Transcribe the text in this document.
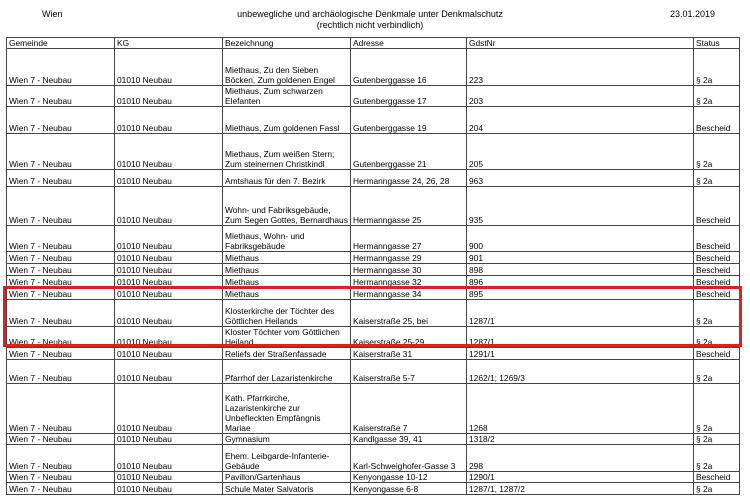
Wien	unbewegliche und archäologische Denkmale unter Denkmalschutz
(rechtlich nicht verbindlich)
23.01.2019
Gemeinde	KG	Bezeichnung	Adresse	GdstNr	Status
Wien 7 - Neubau	01010 Neubau	Miethaus, Zu den Sieben Böcken, Zum goldenen Engel	Gutenberggasse 16	223	§ 2a
Wien 7 - Neubau	01010 Neubau	Miethaus, Zum schwarzen Elefanten	Gutenberggasse 17	203	§ 2a
Wien 7 - Neubau	01010 Neubau	Miethaus, Zum goldenen Fassl	Gutenberggasse 19	204	Bescheid
Wien 7 - Neubau	01010 Neubau	Miethaus, Zum weißen Stern; Zum steinernen Christkindl	Gutenberggasse 21	205	§ 2a
Wien 7 - Neubau	01010 Neubau	Amtshaus für den 7. Bezirk	Hermanngasse 24, 26, 28	963	§ 2a
Wien 7 - Neubau	01010 Neubau	Wohn- und Fabriksgebäude, Zum Segen Gottes, Bernardhaus	Hermanngasse 25	935	Bescheid
Wien 7 - Neubau	01010 Neubau	Miethaus, Wohn- und Fabriksgebäude	Hermanngasse 27	900	Bescheid
Wien 7 - Neubau	01010 Neubau	Miethaus	Hermanngasse 29	901	Bescheid
Wien 7 - Neubau	01010 Neubau	Miethaus	Hermanngasse 30	898	Bescheid
Wien 7 - Neubau	01010 Neubau	Miethaus	Hermanngasse 32	896	Bescheid
Wien 7 - Neubau	01010 Neubau	Miethaus	Hermanngasse 34	895	Bescheid
Wien 7 - Neubau	01010 Neubau	Klosterkirche der Töchter des Göttlichen Heilands	Kaiserstraße 25, bei	1287/1	§ 2a
Wien 7 - Neubau	01010 Neubau	Kloster Töchter vom Göttlichen Heiland	Kaiserstraße 25-29	1287/1	§ 2a
Wien 7 - Neubau	01010 Neubau	Reliefs der Straßenfassade	Kaiserstraße 31	1291/1	Bescheid
Wien 7 - Neubau	01010 Neubau	Pfarrhof der Lazaristenkirche	Kaiserstraße 5-7	1262/1; 1269/3	§ 2a
Wien 7 - Neubau	01010 Neubau	Kath. Pfarrkirche, Lazaristenkirche zur Unbefleckten Empfängnis Mariae	Kaiserstraße 7	1268	§ 2a
Wien 7 - Neubau	01010 Neubau	Gymnasium	Kandlgasse 39, 41	1318/2	§ 2a
Wien 7 - Neubau	01010 Neubau	Ehem. Leibgarde-Infanterie-Gebäude	Karl-Schweighofer-Gasse 3	298	§ 2a
Wien 7 - Neubau	01010 Neubau	Pavillon/Gartenhaus	Kenyongasse 10-12	1290/1	Bescheid
Wien 7 - Neubau	01010 Neubau	Schule Mater Salvatoris	Kenyongasse 6-8	1287/1, 1287/2	§ 2a
